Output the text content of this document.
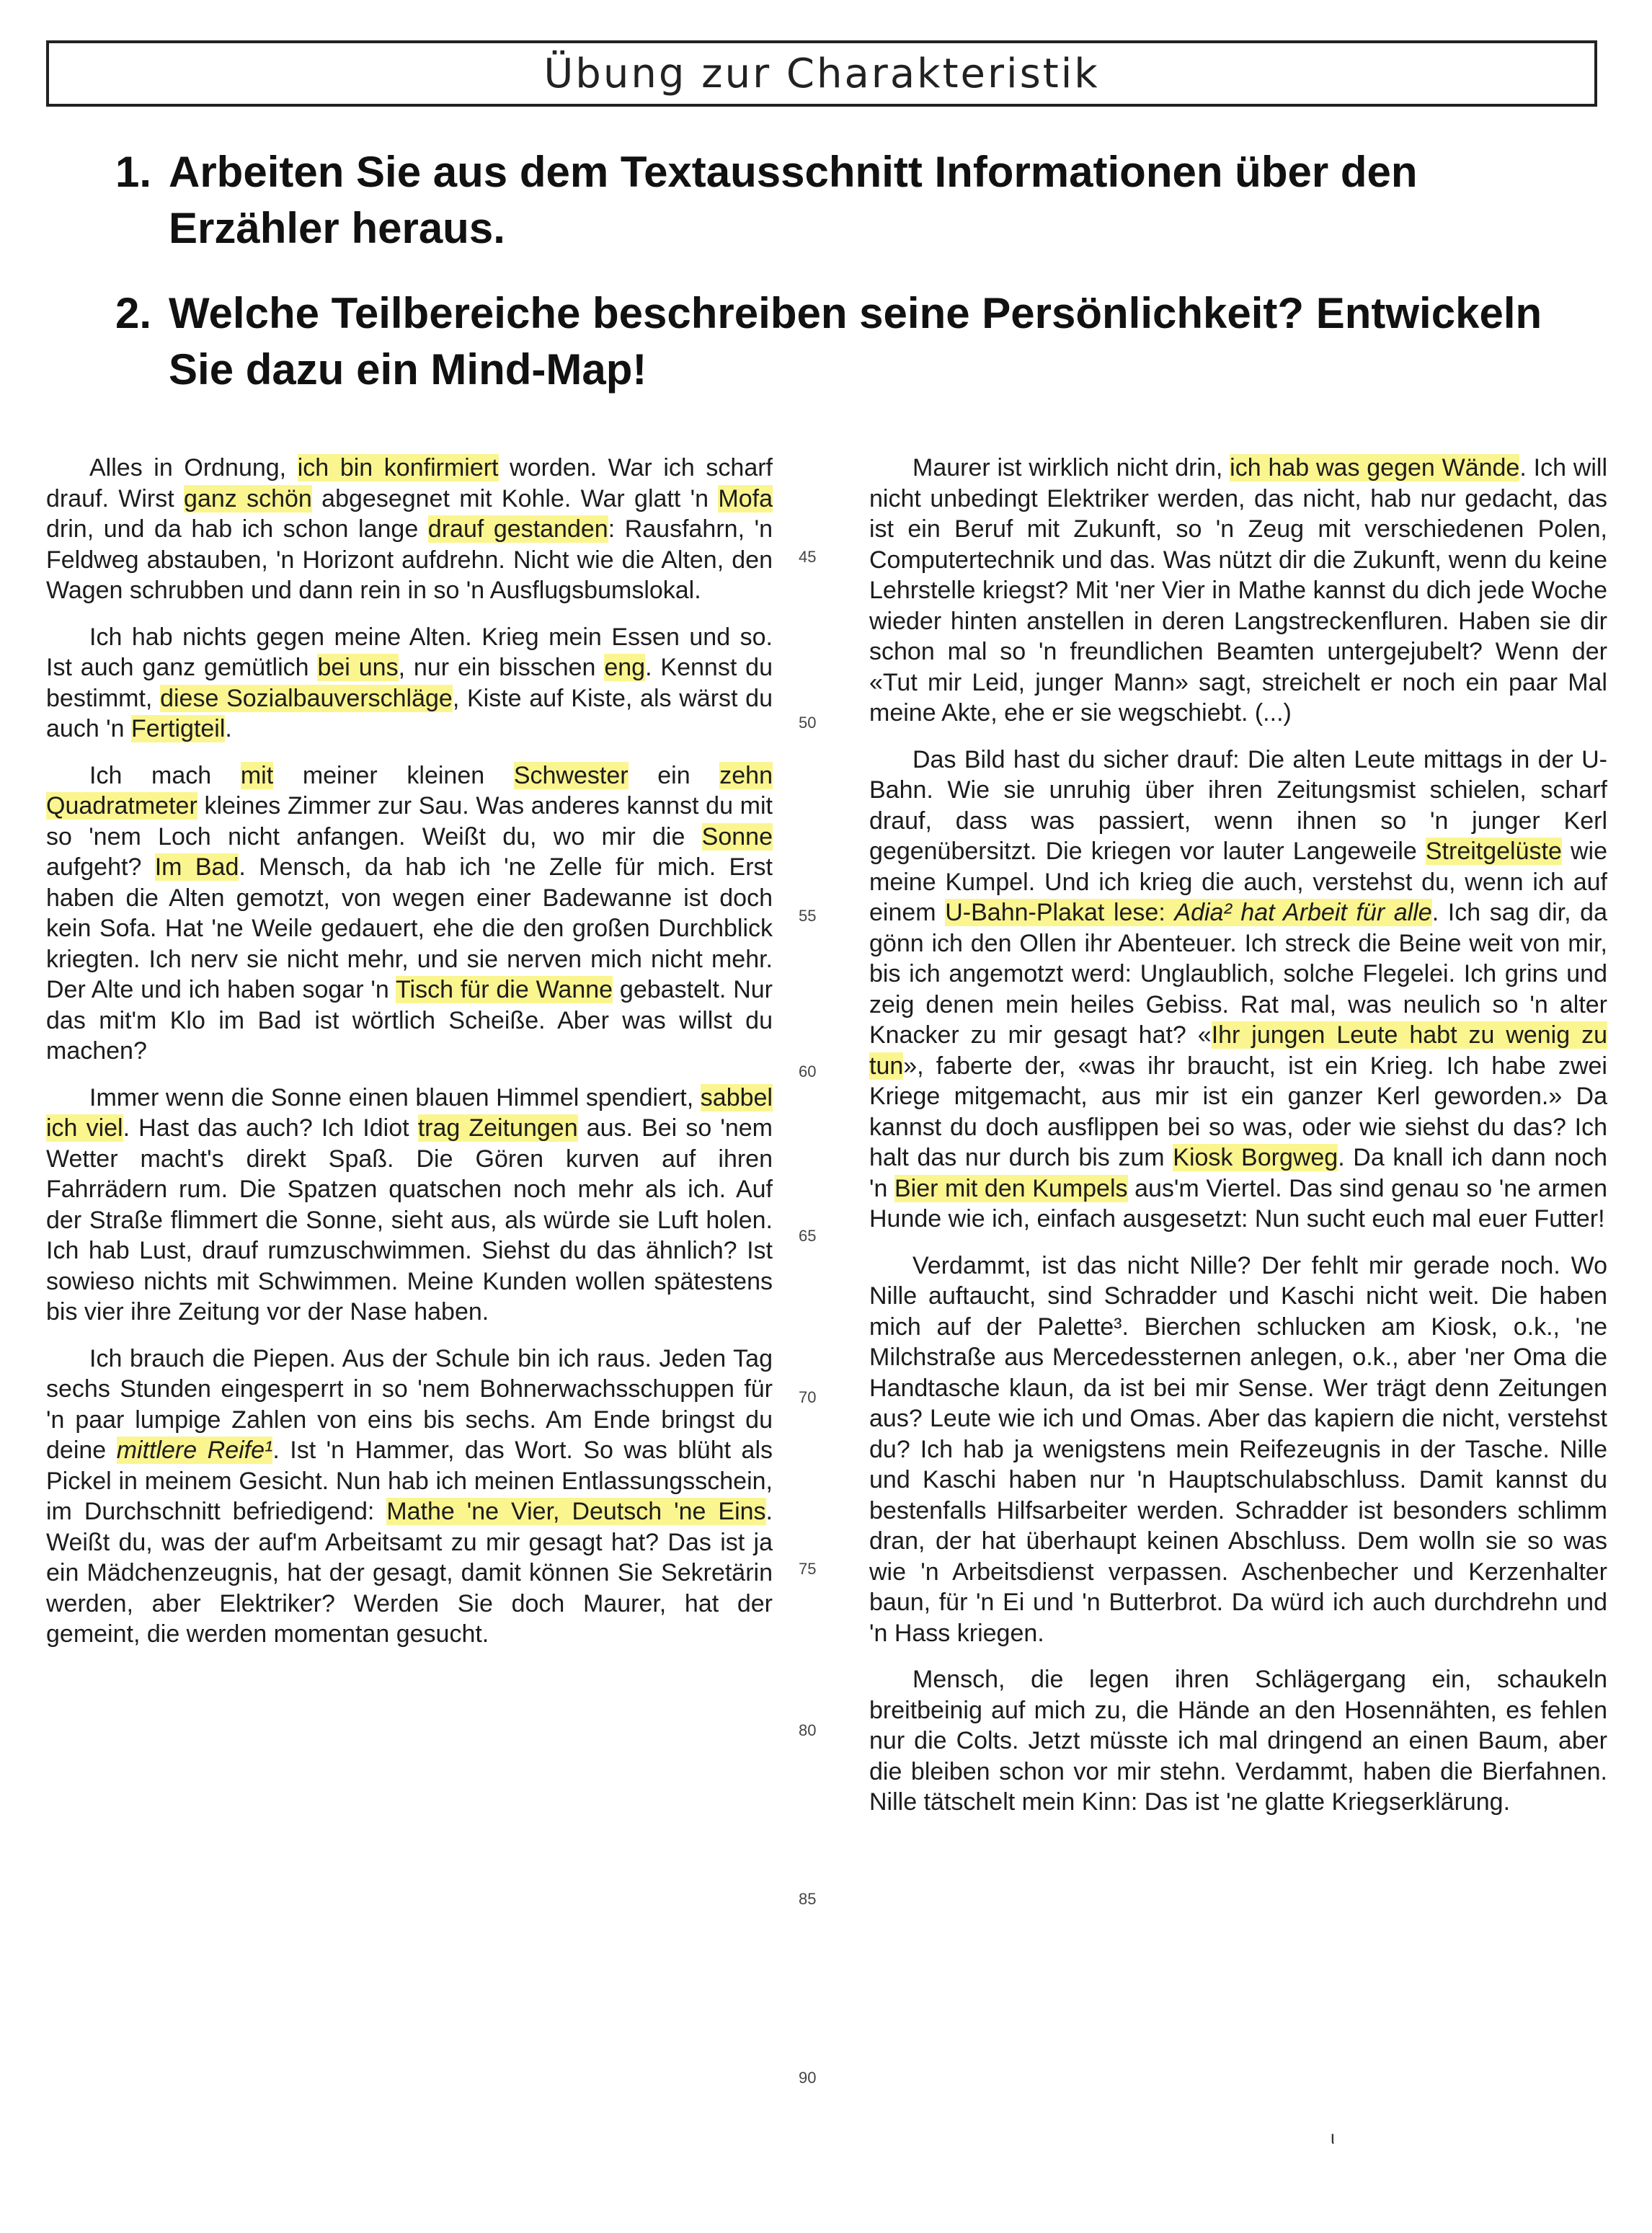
Übung zur Charakteristik
1. Arbeiten Sie aus dem Textausschnitt Informationen über den Erzähler heraus.
2. Welche Teilbereiche beschreiben seine Persönlichkeit? Entwickeln Sie dazu ein Mind-Map!

Alles in Ordnung, ich bin konfirmiert worden. War ich scharf drauf. Wirst ganz schön abgesegnet mit Kohle. War glatt 'n Mofa drin, und da hab ich schon lange drauf gestanden: Rausfahrn, 'n Feldweg abstauben, 'n Horizont aufdrehn. Nicht wie die Alten, den Wagen schrubben und dann rein in so 'n Ausflugsbumslokal.

Ich hab nichts gegen meine Alten. Krieg mein Essen und so. Ist auch ganz gemütlich bei uns, nur ein bisschen eng. Kennst du bestimmt, diese Sozialbauverschläge, Kiste auf Kiste, als wärst du auch 'n Fertigteil.

Ich mach mit meiner kleinen Schwester ein zehn Quadratmeter kleines Zimmer zur Sau. Was anderes kannst du mit so 'nem Loch nicht anfangen. Weißt du, wo mir die Sonne aufgeht? Im Bad. Mensch, da hab ich 'ne Zelle für mich. Erst haben die Alten gemotzt, von wegen einer Badewanne ist doch kein Sofa. Hat 'ne Weile gedauert, ehe die den großen Durchblick kriegten. Ich nerv sie nicht mehr, und sie nerven mich nicht mehr. Der Alte und ich haben sogar 'n Tisch für die Wanne gebastelt. Nur das mit'm Klo im Bad ist wörtlich Scheiße. Aber was willst du machen?

Immer wenn die Sonne einen blauen Himmel spendiert, sabbel ich viel. Hast das auch? Ich Idiot trag Zeitungen aus. Bei so 'nem Wetter macht's direkt Spaß. Die Gören kurven auf ihren Fahrrädern rum. Die Spatzen quatschen noch mehr als ich. Auf der Straße flimmert die Sonne, sieht aus, als würde sie Luft holen. Ich hab Lust, drauf rumzuschwimmen. Siehst du das ähnlich? Ist sowieso nichts mit Schwimmen. Meine Kunden wollen spätestens bis vier ihre Zeitung vor der Nase haben.

Ich brauch die Piepen. Aus der Schule bin ich raus. Jeden Tag sechs Stunden eingesperrt in so 'nem Bohnerwachsschuppen für 'n paar lumpige Zahlen von eins bis sechs. Am Ende bringst du deine mittlere Reife¹. Ist 'n Hammer, das Wort. So was blüht als Pickel in meinem Gesicht. Nun hab ich meinen Entlassungsschein, im Durchschnitt befriedigend: Mathe 'ne Vier, Deutsch 'ne Eins. Weißt du, was der auf'm Arbeitsamt zu mir gesagt hat? Das ist ja ein Mädchenzeugnis, hat der gesagt, damit können Sie Sekretärin werden, aber Elektriker? Werden Sie doch Maurer, hat der gemeint, die werden momentan gesucht.

Maurer ist wirklich nicht drin, ich hab was gegen Wände. Ich will nicht unbedingt Elektriker werden, das nicht, hab nur gedacht, das ist ein Beruf mit Zukunft, so 'n Zeug mit verschiedenen Polen, Computertechnik und das. Was nützt dir die Zukunft, wenn du keine Lehrstelle kriegst? Mit 'ner Vier in Mathe kannst du dich jede Woche wieder hinten anstellen in deren Langstreckenfluren. Haben sie dir schon mal so 'n freundlichen Beamten untergejubelt? Wenn der «Tut mir Leid, junger Mann» sagt, streichelt er noch ein paar Mal meine Akte, ehe er sie wegschiebt. (...)

Das Bild hast du sicher drauf: Die alten Leute mittags in der U-Bahn. Wie sie unruhig über ihren Zeitungsmist schielen, scharf drauf, dass was passiert, wenn ihnen so 'n junger Kerl gegenübersitzt. Die kriegen vor lauter Langeweile Streitgelüste wie meine Kumpel. Und ich krieg die auch, verstehst du, wenn ich auf einem U-Bahn-Plakat lese: Adia² hat Arbeit für alle. Ich sag dir, da gönn ich den Ollen ihr Abenteuer. Ich streck die Beine weit von mir, bis ich angemotzt werd: Unglaublich, solche Flegelei. Ich grins und zeig denen mein heiles Gebiss. Rat mal, was neulich so 'n alter Knacker zu mir gesagt hat? «Ihr jungen Leute habt zu wenig zu tun», faberte der, «was ihr braucht, ist ein Krieg. Ich habe zwei Kriege mitgemacht, aus mir ist ein ganzer Kerl geworden.» Da kannst du doch ausflippen bei so was, oder wie siehst du das? Ich halt das nur durch bis zum Kiosk Borgweg. Da knall ich dann noch 'n Bier mit den Kumpels aus'm Viertel. Das sind genau so 'ne armen Hunde wie ich, einfach ausgesetzt: Nun sucht euch mal euer Futter!

Verdammt, ist das nicht Nille? Der fehlt mir gerade noch. Wo Nille auftaucht, sind Schradder und Kaschi nicht weit. Die haben mich auf der Palette³. Bierchen schlucken am Kiosk, o.k., 'ne Milchstraße aus Mercedessternen anlegen, o.k., aber 'ner Oma die Handtasche klaun, da ist bei mir Sense. Wer trägt denn Zeitungen aus? Leute wie ich und Omas. Aber das kapiern die nicht, verstehst du? Ich hab ja wenigstens mein Reifezeugnis in der Tasche. Nille und Kaschi haben nur 'n Hauptschulabschluss. Damit kannst du bestenfalls Hilfsarbeiter werden. Schradder ist besonders schlimm dran, der hat überhaupt keinen Abschluss. Dem wolln sie so was wie 'n Arbeitsdienst verpassen. Aschenbecher und Kerzenhalter baun, für 'n Ei und 'n Butterbrot. Da würd ich auch durchdrehn und 'n Hass kriegen.

Mensch, die legen ihren Schlägergang ein, schaukeln breitbeinig auf mich zu, die Hände an den Hosennähten, es fehlen nur die Colts. Jetzt müsste ich mal dringend an einen Baum, aber die bleiben schon vor mir stehn. Verdammt, haben die Bierfahnen. Nille tätschelt mein Kinn: Das ist 'ne glatte Kriegserklärung.

45
50
55
60
65
70
75
80
85
90
ι
